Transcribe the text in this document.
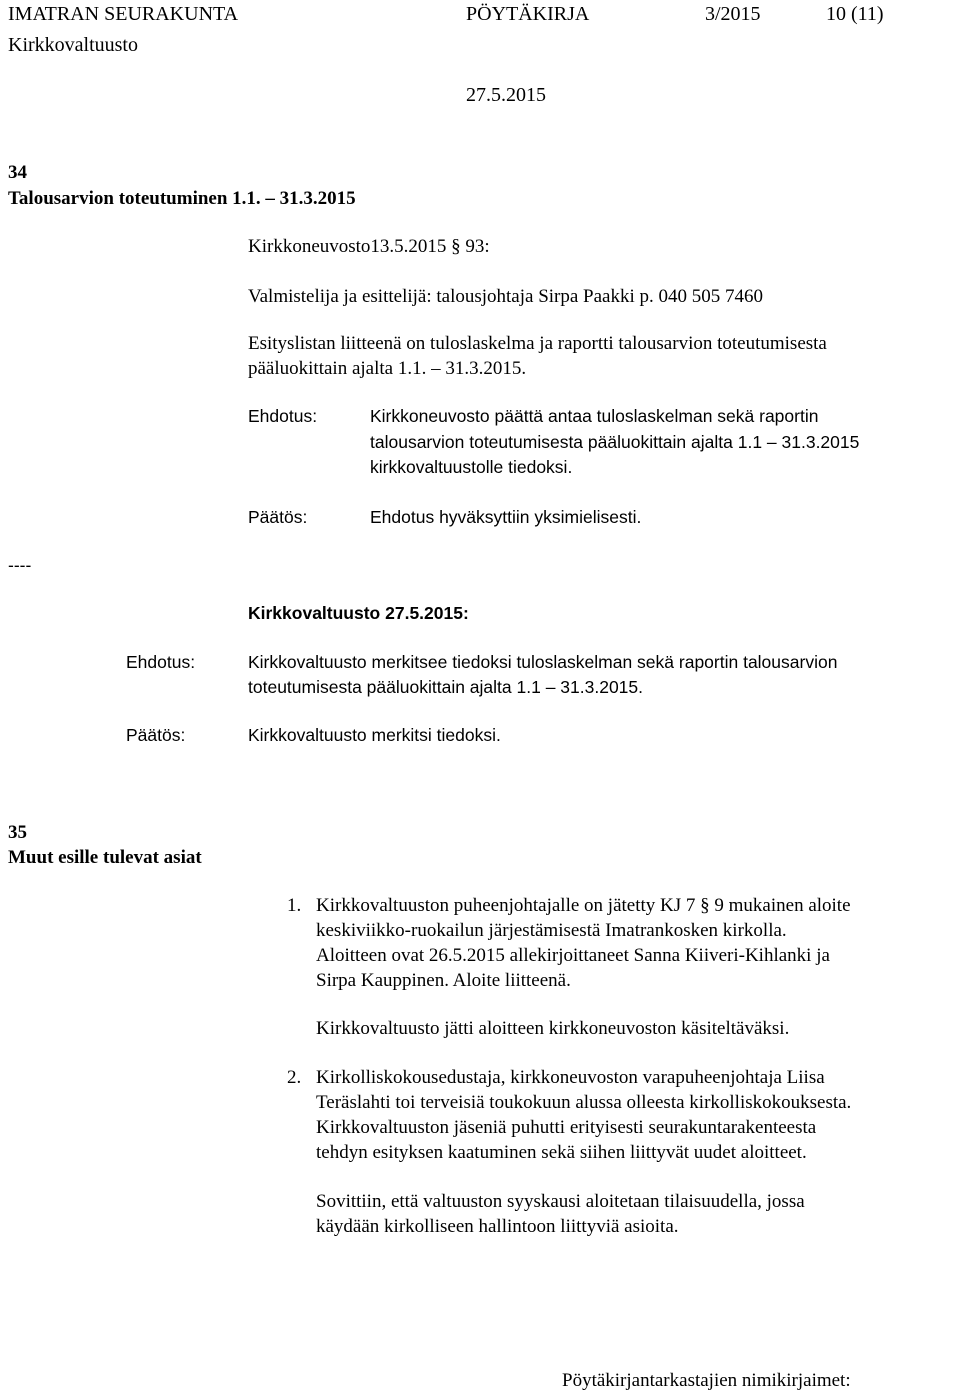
IMATRAN SEURAKUNTA	PÖYTÄKIRJA	3/2015	10 (11)
Kirkkovaltuusto
27.5.2015
34
Talousarvion toteutuminen 1.1. – 31.3.2015
Kirkkoneuvosto13.5.2015 § 93:
Valmistelija ja esittelijä: talousjohtaja Sirpa Paakki p. 040 505 7460
Esityslistan liitteenä on tuloslaskelma ja raportti talousarvion toteutumisesta
pääluokittain ajalta 1.1. – 31.3.2015.
Ehdotus:	Kirkkoneuvosto päättä antaa tuloslaskelman sekä raportin
talousarvion toteutumisesta pääluokittain ajalta 1.1 – 31.3.2015
kirkkovaltuustolle tiedoksi.
Päätös:	Ehdotus hyväksyttiin yksimielisesti.
----
Kirkkovaltuusto 27.5.2015:
Ehdotus:	Kirkkovaltuusto merkitsee tiedoksi tuloslaskelman sekä raportin talousarvion
toteutumisesta pääluokittain ajalta 1.1 – 31.3.2015.
Päätös:	Kirkkovaltuusto merkitsi tiedoksi.
35
Muut esille tulevat asiat
1. Kirkkovaltuuston puheenjohtajalle on jätetty KJ 7 § 9 mukainen aloite
keskiviikko-ruokailun järjestämisestä Imatrankosken kirkolla.
Aloitteen ovat 26.5.2015 allekirjoittaneet Sanna Kiiveri-Kihlanki ja
Sirpa Kauppinen. Aloite liitteenä.
Kirkkovaltuusto jätti aloitteen kirkkoneuvoston käsiteltäväksi.
2. Kirkolliskokousedustaja, kirkkoneuvoston varapuheenjohtaja Liisa
Teräslahti toi terveisiä toukokuun alussa olleesta kirkolliskokouksesta.
Kirkkovaltuuston jäseniä puhutti erityisesti seurakuntarakenteesta
tehdyn esityksen kaatuminen sekä siihen liittyvät uudet aloitteet.
Sovittiin, että valtuuston syyskausi aloitetaan tilaisuudella, jossa
käydään kirkolliseen hallintoon liittyviä asioita.
Pöytäkirjantarkastajien nimikirjaimet:
